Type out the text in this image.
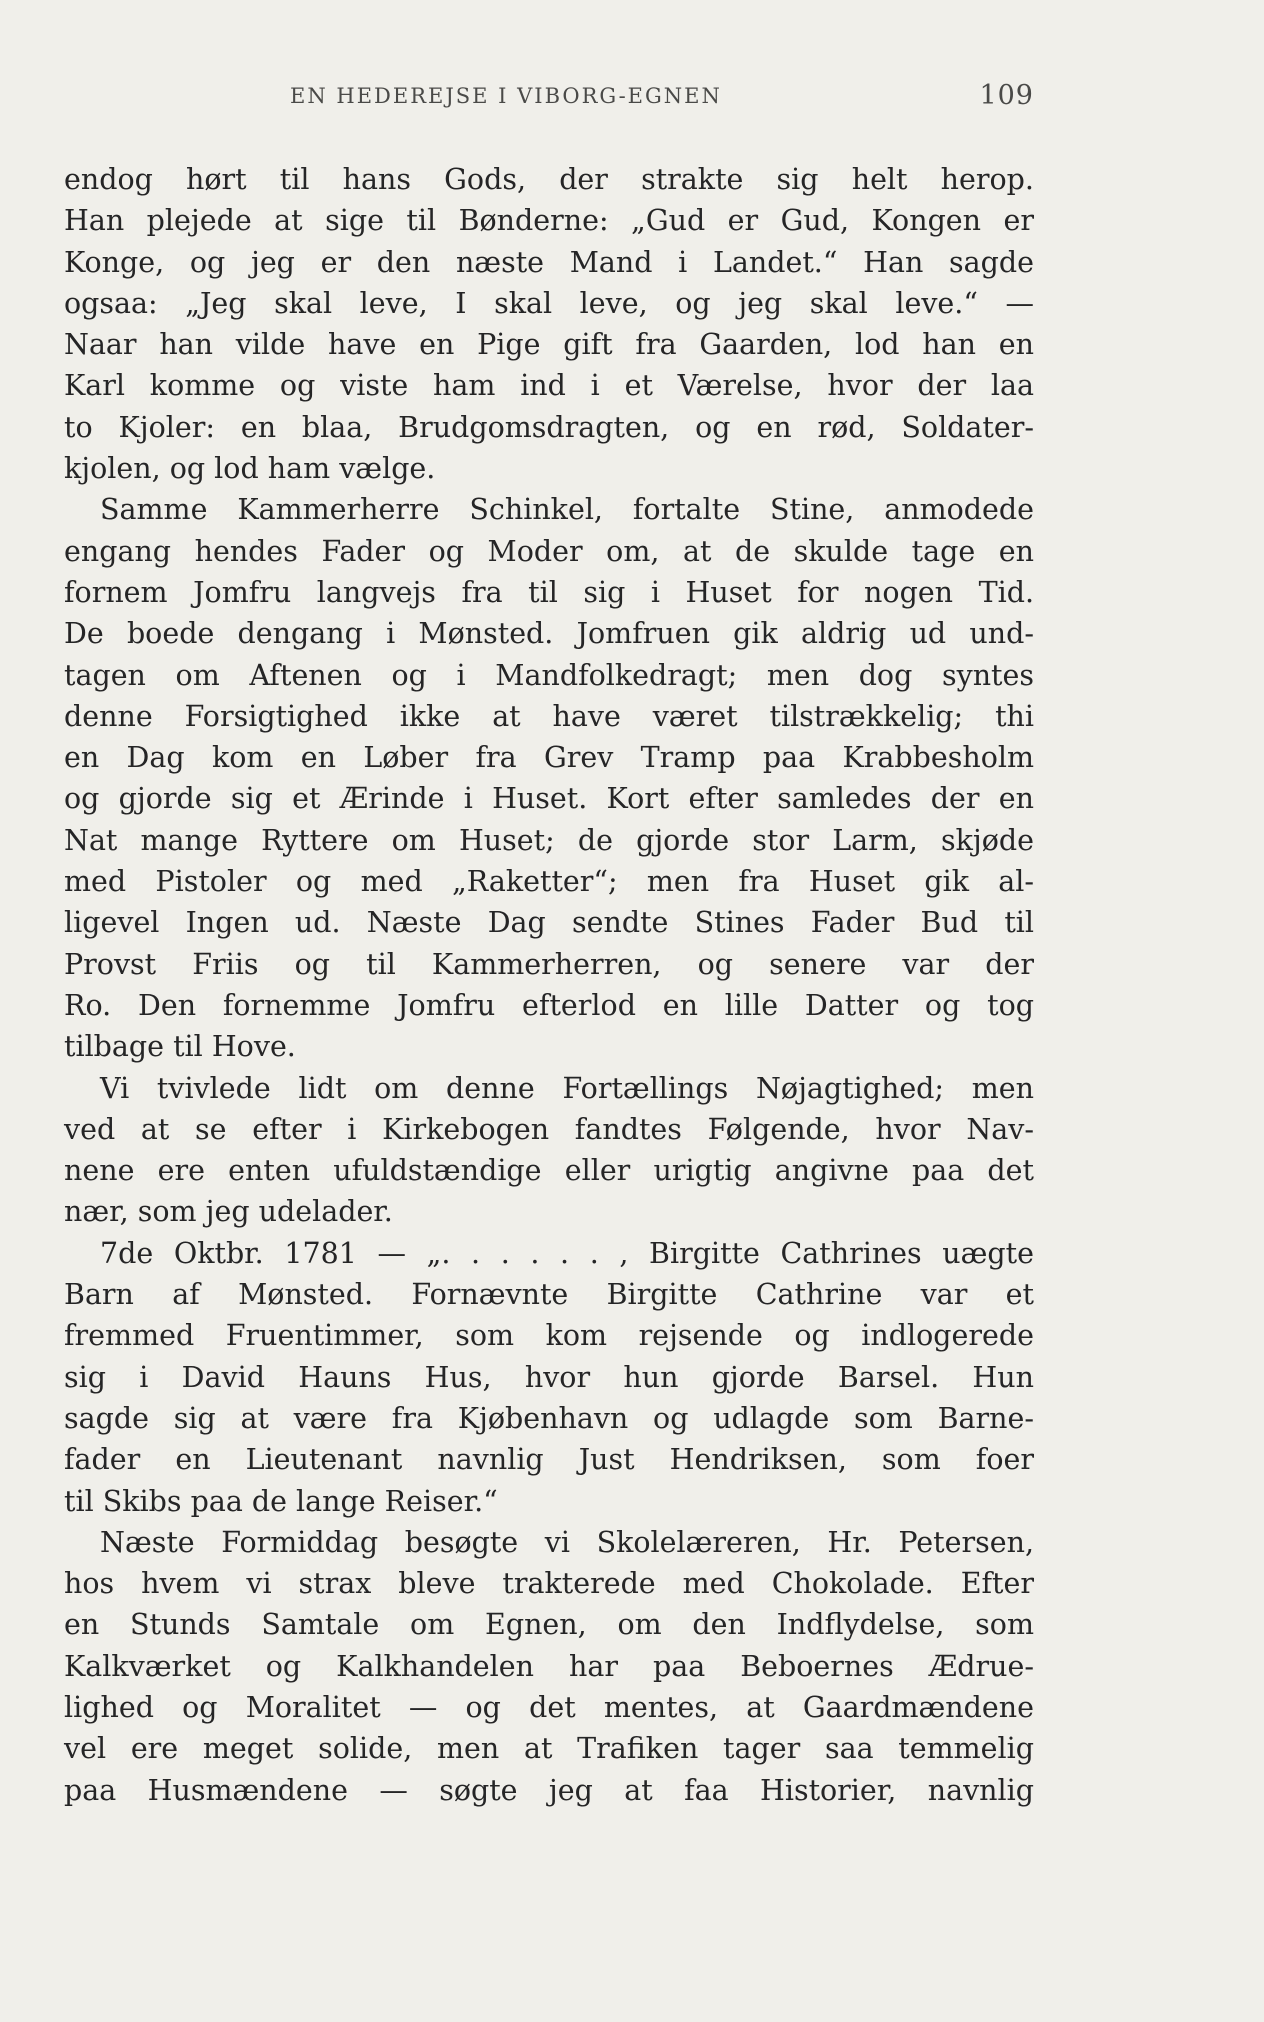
EN HEDEREJSE I VIBORG-EGNEN	109
endog hørt til hans Gods, der strakte sig helt herop.
Han plejede at sige til Bønderne: „Gud er Gud, Kongen er
Konge, og jeg er den næste Mand i Landet.“ Han sagde
ogsaa: „Jeg skal leve, I skal leve, og jeg skal leve.“ —
Naar han vilde have en Pige gift fra Gaarden, lod han en
Karl komme og viste ham ind i et Værelse, hvor der laa
to Kjoler: en blaa, Brudgomsdragten, og en rød, Soldater-
kjolen, og lod ham vælge.
Samme Kammerherre Schinkel, fortalte Stine, anmodede
engang hendes Fader og Moder om, at de skulde tage en
fornem Jomfru langvejs fra til sig i Huset for nogen Tid.
De boede dengang i Mønsted. Jomfruen gik aldrig ud und-
tagen om Aftenen og i Mandfolkedragt; men dog syntes
denne Forsigtighed ikke at have været tilstrækkelig; thi
en Dag kom en Løber fra Grev Tramp paa Krabbesholm
og gjorde sig et Ærinde i Huset. Kort efter samledes der en
Nat mange Ryttere om Huset; de gjorde stor Larm, skjøde
med Pistoler og med „Raketter“; men fra Huset gik al-
ligevel Ingen ud. Næste Dag sendte Stines Fader Bud til
Provst Friis og til Kammerherren, og senere var der
Ro. Den fornemme Jomfru efterlod en lille Datter og tog
tilbage til Hove.
Vi tvivlede lidt om denne Fortællings Nøjagtighed; men
ved at se efter i Kirkebogen fandtes Følgende, hvor Nav-
nene ere enten ufuldstændige eller urigtig angivne paa det
nær, som jeg udelader.
7de Oktbr. 1781 — „. . . . . . , Birgitte Cathrines uægte
Barn af Mønsted. Fornævnte Birgitte Cathrine var et
fremmed Fruentimmer, som kom rejsende og indlogerede
sig i David Hauns Hus, hvor hun gjorde Barsel. Hun
sagde sig at være fra Kjøbenhavn og udlagde som Barne-
fader en Lieutenant navnlig Just Hendriksen, som foer
til Skibs paa de lange Reiser.“
Næste Formiddag besøgte vi Skolelæreren, Hr. Petersen,
hos hvem vi strax bleve trakterede med Chokolade. Efter
en Stunds Samtale om Egnen, om den Indflydelse, som
Kalkværket og Kalkhandelen har paa Beboernes Ædrue-
lighed og Moralitet — og det mentes, at Gaardmændene
vel ere meget solide, men at Trafiken tager saa temmelig
paa Husmændene — søgte jeg at faa Historier, navnlig
